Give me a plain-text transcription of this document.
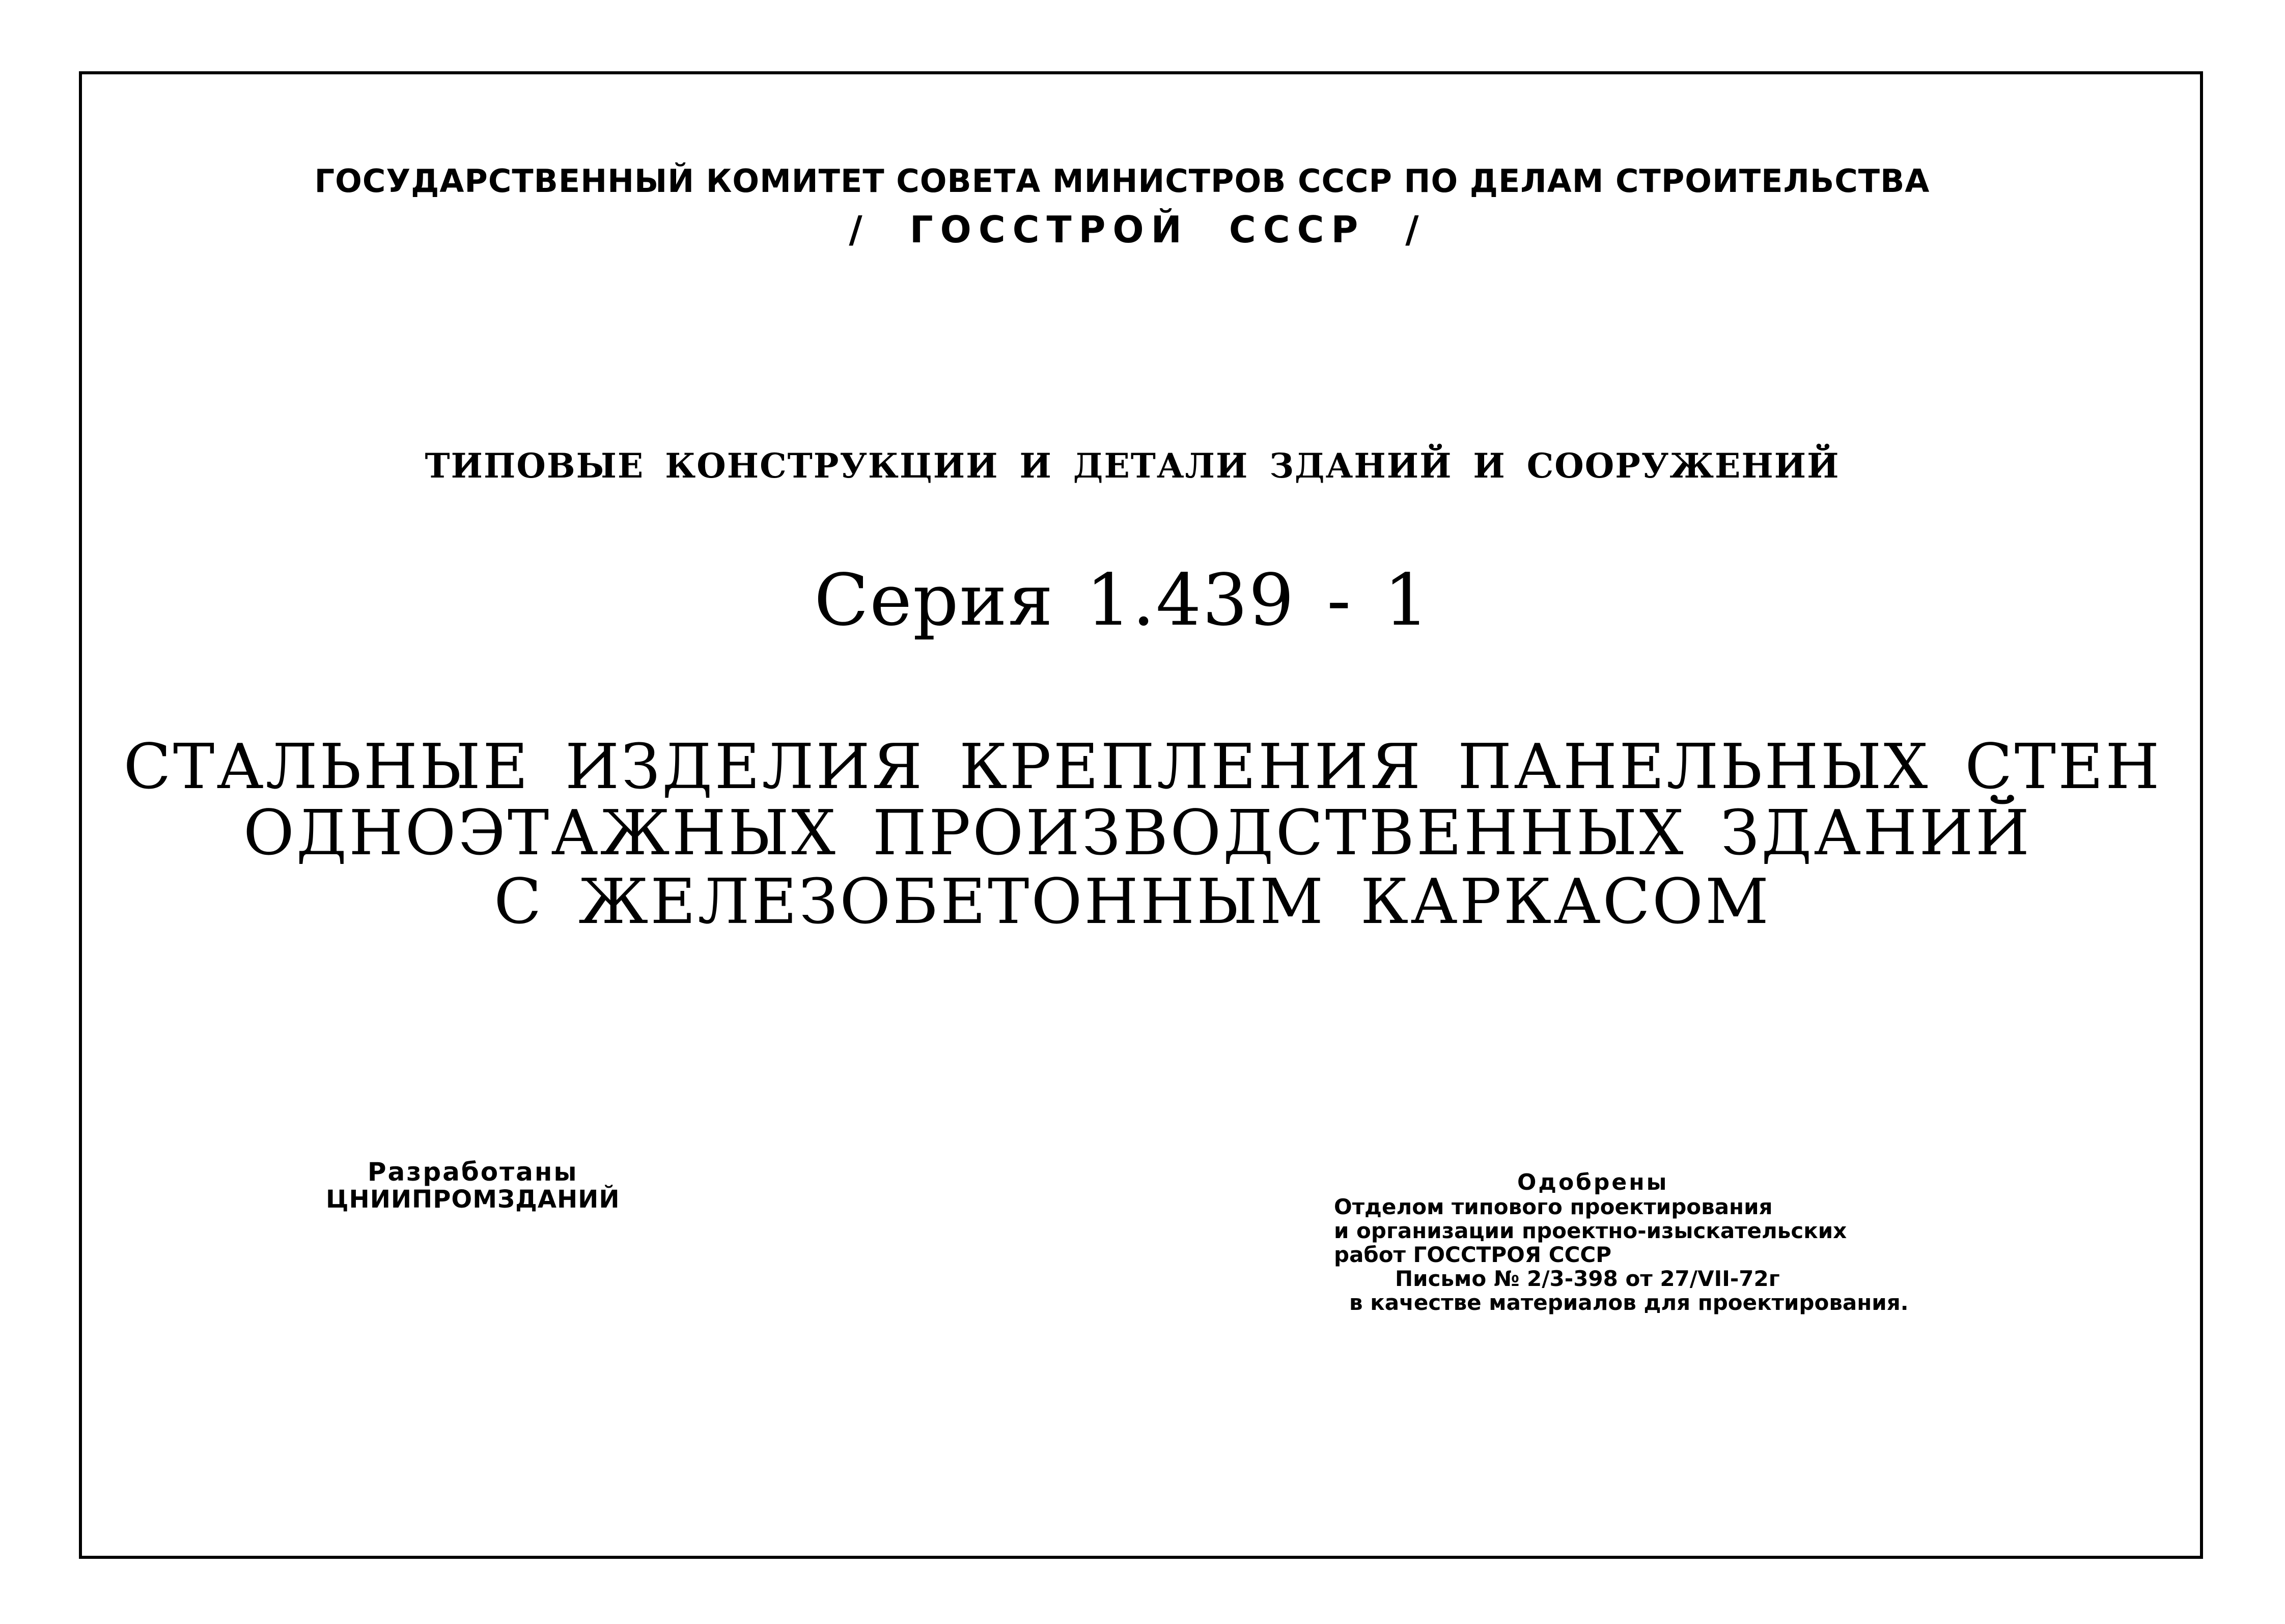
ГОСУДАРСТВЕННЫЙ КОМИТЕТ СОВЕТА МИНИСТРОВ СССР ПО ДЕЛАМ СТРОИТЕЛЬСТВА
/ ГОССТРОЙ СССР /
ТИПОВЫЕ КОНСТРУКЦИИ И ДЕТАЛИ ЗДАНИЙ И СООРУЖЕНИЙ
Серия 1.439 - 1
СТАЛЬНЫЕ ИЗДЕЛИЯ КРЕПЛЕНИЯ ПАНЕЛЬНЫХ СТЕН
ОДНОЭТАЖНЫХ ПРОИЗВОДСТВЕННЫХ ЗДАНИЙ
С ЖЕЛЕЗОБЕТОННЫМ КАРКАСОМ
Разработаны
ЦНИИПРОМЗДАНИЙ
Одобрены
Отделом типового проектирования
и организации проектно-изыскательских
работ ГОССТРОЯ СССР
Письмо № 2/3-398 от 27/VII-72г
в качестве материалов для проектирования.
